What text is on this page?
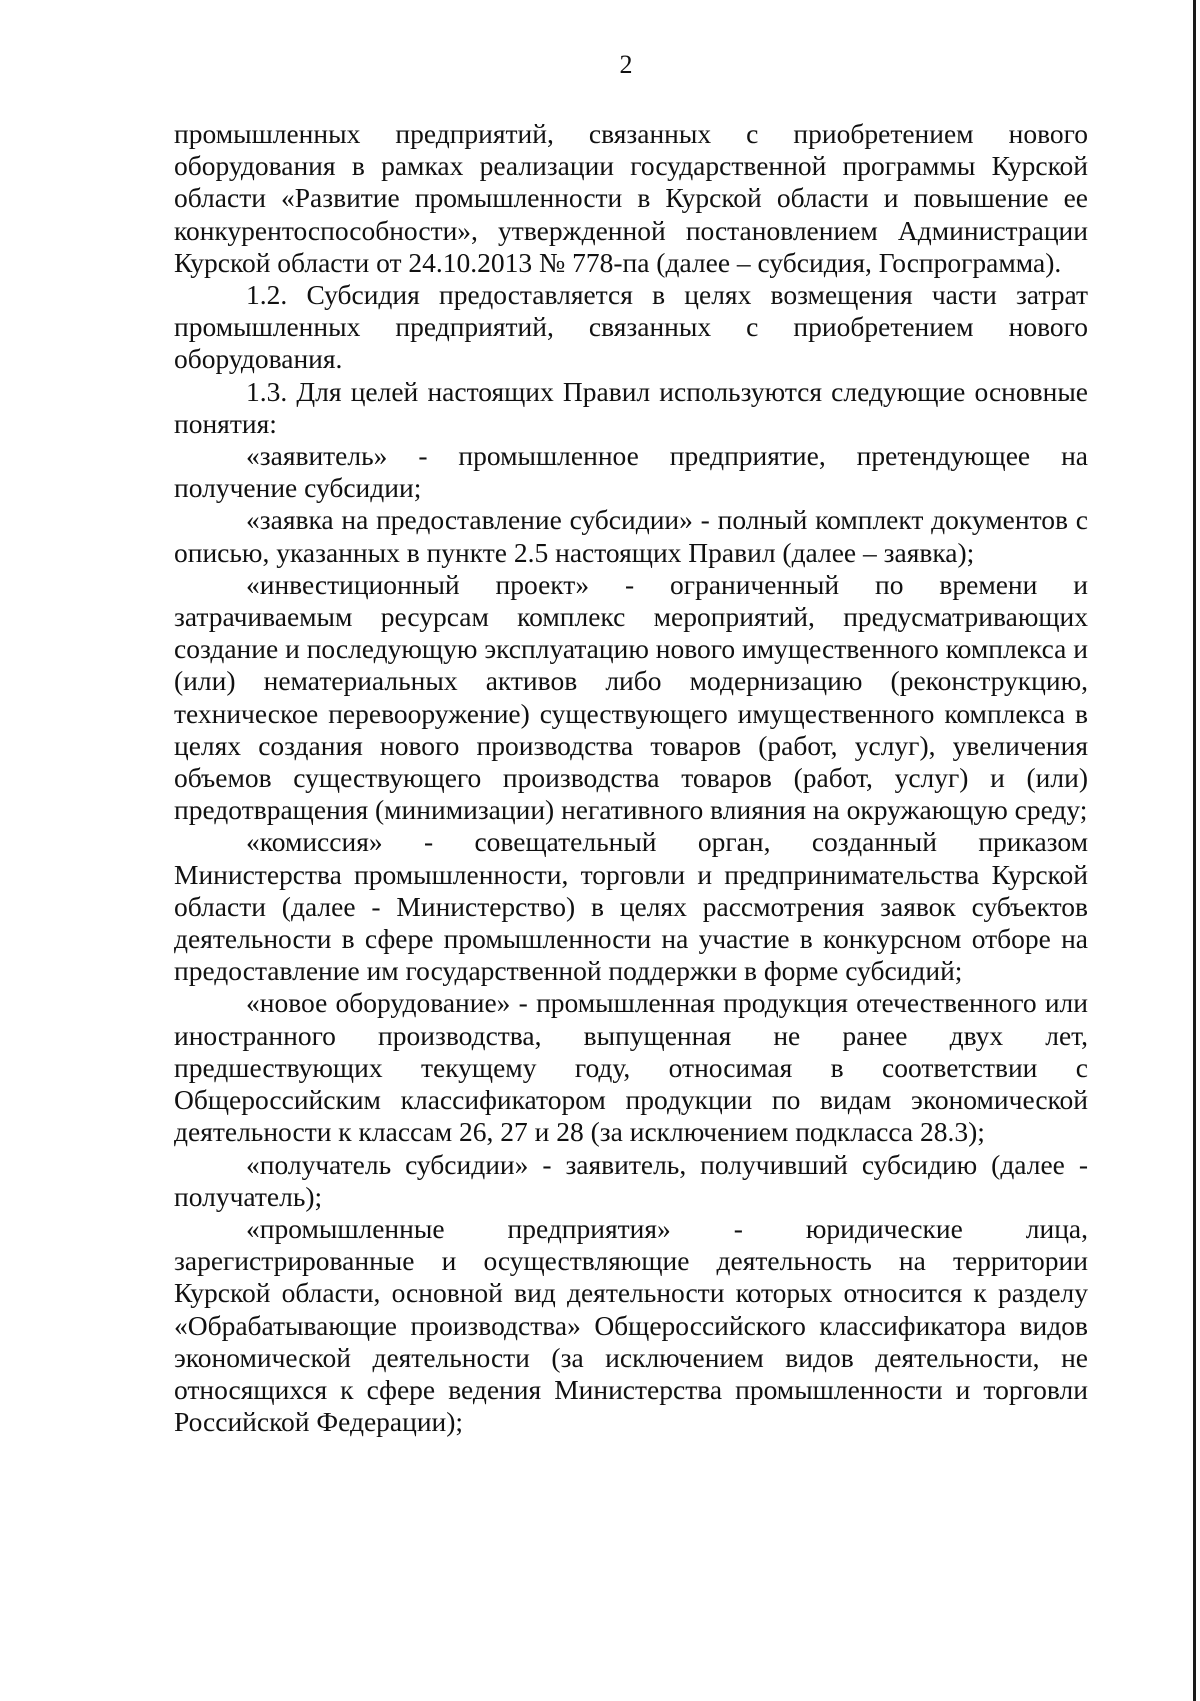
2

промышленных предприятий, связанных с приобретением нового оборудования в рамках реализации государственной программы Курской области «Развитие промышленности в Курской области и повышение ее конкурентоспособности», утвержденной постановлением Администрации Курской области от 24.10.2013 № 778-па (далее – субсидия, Госпрограмма).

1.2. Субсидия предоставляется в целях возмещения части затрат промышленных предприятий, связанных с приобретением нового оборудования.

1.3. Для целей настоящих Правил используются следующие основные понятия:

«заявитель» - промышленное предприятие, претендующее на получение субсидии;

«заявка на предоставление субсидии» - полный комплект документов с описью, указанных в пункте 2.5 настоящих Правил (далее – заявка);

«инвестиционный проект» - ограниченный по времени и затрачиваемым ресурсам комплекс мероприятий, предусматривающих создание и последующую эксплуатацию нового имущественного комплекса и (или) нематериальных активов либо модернизацию (реконструкцию, техническое перевооружение) существующего имущественного комплекса в целях создания нового производства товаров (работ, услуг), увеличения объемов существующего производства товаров (работ, услуг) и (или) предотвращения (минимизации) негативного влияния на окружающую среду;

«комиссия» - совещательный орган, созданный приказом Министерства промышленности, торговли и предпринимательства Курской области (далее - Министерство) в целях рассмотрения заявок субъектов деятельности в сфере промышленности на участие в конкурсном отборе на предоставление им государственной поддержки в форме субсидий;

«новое оборудование» - промышленная продукция отечественного или иностранного производства, выпущенная не ранее двух лет, предшествующих текущему году, относимая в соответствии с Общероссийским классификатором продукции по видам экономической деятельности к классам 26, 27 и 28 (за исключением подкласса 28.3);

«получатель субсидии» - заявитель, получивший субсидию (далее - получатель);

«промышленные предприятия» - юридические лица, зарегистрированные и осуществляющие деятельность на территории Курской области, основной вид деятельности которых относится к разделу «Обрабатывающие производства» Общероссийского классификатора видов экономической деятельности (за исключением видов деятельности, не относящихся к сфере ведения Министерства промышленности и торговли Российской Федерации);
